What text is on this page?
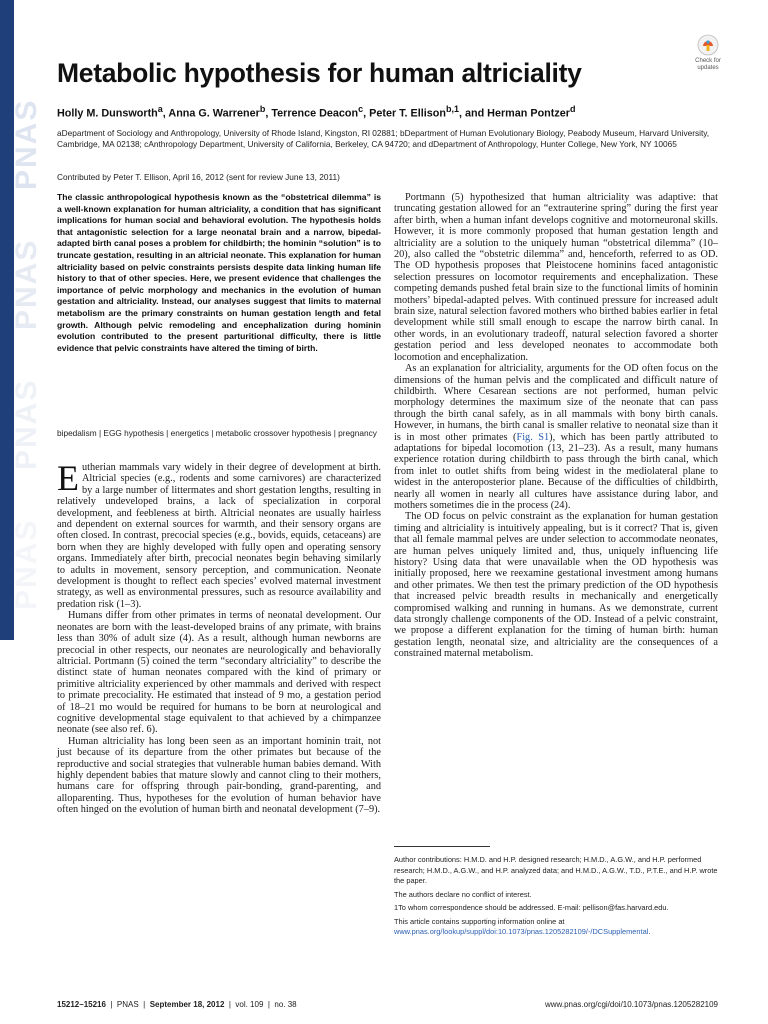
PNAS
PNAS
PNAS
PNAS
Check for
updates
Metabolic hypothesis for human altriciality
Holly M. Dunsworth$^a$, Anna G. Warrener$^b$, Terrence Deacon$^c$, Peter T. Ellison$^{b,1}$, and Herman Pontzer$^d$
aDepartment of Sociology and Anthropology, University of Rhode Island, Kingston, RI 02881; bDepartment of Human Evolutionary Biology, Peabody Museum, Harvard University, Cambridge, MA 02138; cAnthropology Department, University of California, Berkeley, CA 94720; and dDepartment of Anthropology, Hunter College, New York, NY 10065
Contributed by Peter T. Ellison, April 16, 2012 (sent for review June 13, 2011)

The classic anthropological hypothesis known as the “obstetrical dilemma” is a well-known explanation for human altriciality, a condition that has significant implications for human social and behavioral evolution. The hypothesis holds that antagonistic selection for a large neonatal brain and a narrow, bipedal-adapted birth canal poses a problem for childbirth; the hominin “solution” is to truncate gestation, resulting in an altricial neonate. This explanation for human altriciality based on pelvic constraints persists despite data linking human life history to that of other species. Here, we present evidence that challenges the importance of pelvic morphology and mechanics in the evolution of human gestation and altriciality. Instead, our analyses suggest that limits to maternal metabolism are the primary constraints on human gestation length and fetal growth. Although pelvic remodeling and encephalization during hominin evolution contributed to the present parturitional difficulty, there is little evidence that pelvic constraints have altered the timing of birth.

bipedalism | EGG hypothesis | energetics | metabolic crossover hypothesis | pregnancy

Eutherian mammals vary widely in their degree of development at birth. Altricial species (e.g., rodents and some carnivores) are characterized by a large number of littermates and short gestation lengths, resulting in relatively undeveloped brains, a lack of specialization in corporal development, and feebleness at birth. Altricial neonates are usually hairless and dependent on external sources for warmth, and their sensory organs are often closed. In contrast, precocial species (e.g., bovids, equids, cetaceans) are born when they are highly developed with fully open and operating sensory organs. Immediately after birth, precocial neonates begin behaving similarly to adults in movement, sensory perception, and communication. Neonate development is thought to reflect each species’ evolved maternal investment strategy, as well as environmental pressures, such as resource availability and predation risk (1–3).

Humans differ from other primates in terms of neonatal development. Our neonates are born with the least-developed brains of any primate, with brains less than 30% of adult size (4). As a result, although human newborns are precocial in other respects, our neonates are neurologically and behaviorally altricial. Portmann (5) coined the term “secondary altriciality” to describe the distinct state of human neonates compared with the kind of primary or primitive altriciality experienced by other mammals and derived with respect to primate precociality. He estimated that instead of 9 mo, a gestation period of 18–21 mo would be required for humans to be born at neurological and cognitive developmental stage equivalent to that achieved by a chimpanzee neonate (see also ref. 6).

Human altriciality has long been seen as an important hominin trait, not just because of its departure from the other primates but because of the reproductive and social strategies that vulnerable human babies demand. With highly dependent babies that mature slowly and cannot cling to their mothers, humans care for offspring through pair-bonding, grand-parenting, and alloparenting. Thus, hypotheses for the evolution of human behavior have often hinged on the evolution of human birth and neonatal development (7–9).

Portmann (5) hypothesized that human altriciality was adaptive: that truncating gestation allowed for an “extrauterine spring” during the first year after birth, when a human infant develops cognitive and motorneuronal skills. However, it is more commonly proposed that human gestation length and altriciality are a solution to the uniquely human “obstetrical dilemma” (10–20), also called the “obstetric dilemma” and, henceforth, referred to as OD. The OD hypothesis proposes that Pleistocene hominins faced antagonistic selection pressures on locomotor requirements and encephalization. These competing demands pushed fetal brain size to the functional limits of hominin mothers’ bipedal-adapted pelves. With continued pressure for increased adult brain size, natural selection favored mothers who birthed babies earlier in fetal development while still small enough to escape the narrow birth canal. In other words, in an evolutionary tradeoff, natural selection favored a shorter gestation period and less developed neonates to accommodate both locomotion and encephalization.

As an explanation for altriciality, arguments for the OD often focus on the dimensions of the human pelvis and the complicated and difficult nature of childbirth. Where Cesarean sections are not performed, human pelvic morphology determines the maximum size of the neonate that can pass through the birth canal safely, as in all mammals with bony birth canals. However, in humans, the birth canal is smaller relative to neonatal size than it is in most other primates (Fig. S1), which has been partly attributed to adaptations for bipedal locomotion (13, 21–23). As a result, many humans experience rotation during childbirth to pass through the birth canal, which from inlet to outlet shifts from being widest in the mediolateral plane to widest in the anteroposterior plane. Because of the difficulties of childbirth, nearly all women in nearly all cultures have assistance during labor, and mothers sometimes die in the process (24).

The OD focus on pelvic constraint as the explanation for human gestation timing and altriciality is intuitively appealing, but is it correct? That is, given that all female mammal pelves are under selection to accommodate neonates, are human pelves uniquely limited and, thus, uniquely influencing life history? Using data that were unavailable when the OD hypothesis was initially proposed, here we reexamine gestational investment among humans and other primates. We then test the primary prediction of the OD hypothesis that increased pelvic breadth results in mechanically and energetically compromised walking and running in humans. As we demonstrate, current data strongly challenge components of the OD. Instead of a pelvic constraint, we propose a different explanation for the timing of human birth: human gestation length, neonatal size, and altriciality are the consequences of a constrained maternal metabolism.

Author contributions: H.M.D. and H.P. designed research; H.M.D., A.G.W., and H.P. performed research; H.M.D., A.G.W., and H.P. analyzed data; and H.M.D., A.G.W., T.D., P.T.E., and H.P. wrote the paper.

The authors declare no conflict of interest.

1To whom correspondence should be addressed. E-mail: pellison@fas.harvard.edu.

This article contains supporting information online at www.pnas.org/lookup/suppl/doi:10.1073/pnas.1205282109/-/DCSupplemental.

15212–15216  |  PNAS  |  September 18, 2012  |  vol. 109  |  no. 38	www.pnas.org/cgi/doi/10.1073/pnas.1205282109
